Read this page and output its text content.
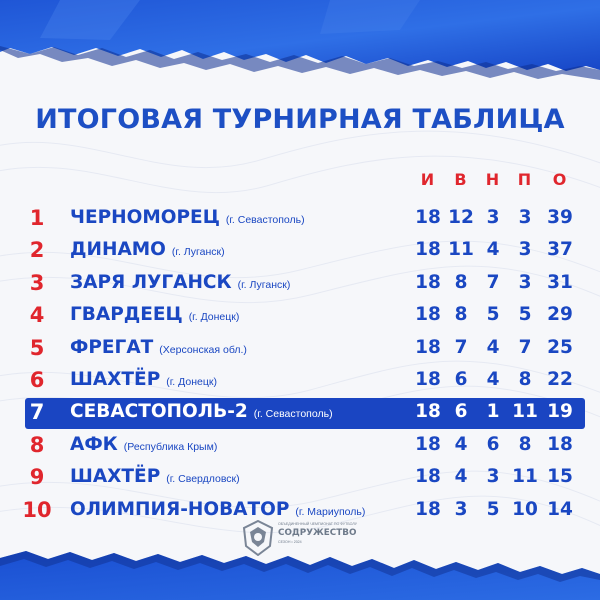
ИТОГОВАЯ ТУРНИРНАЯ ТАБЛИЦА
И	В	Н	П	О
1	ЧЕРНОМОРЕЦ (г. Севастополь)	18 12 3	3 39
2	ДИНАМО (г. Луганск)	18 11 4	3 37
3	ЗАРЯ ЛУГАНСК (г. Луганск)	18 8	7	3 31
4	ГВАРДЕЕЦ (г. Донецк)	18 8	5	5 29
5	ФРЕГАТ (Херсонская обл.)	18 7	4	7 25
6	ШАХТЁР (г. Донецк)	18 6	4	8 22
7	СЕВАСТОПОЛЬ-2 (г. Севастополь)	18 6	1 11 19
8	АФК (Республика Крым)	18 4	6	8 18
9	ШАХТЁР (г. Свердловск)	18 4	3 11 15
10 ОЛИМПИЯ-НОВАТОР (г. Мариуполь)	18 3	5 10 14
ОБЪЕДИНЕННЫЙ ЧЕМПИОНАТ ПО ФУТБОЛУ
СОДРУЖЕСТВО
СЕЗОН • 2024
